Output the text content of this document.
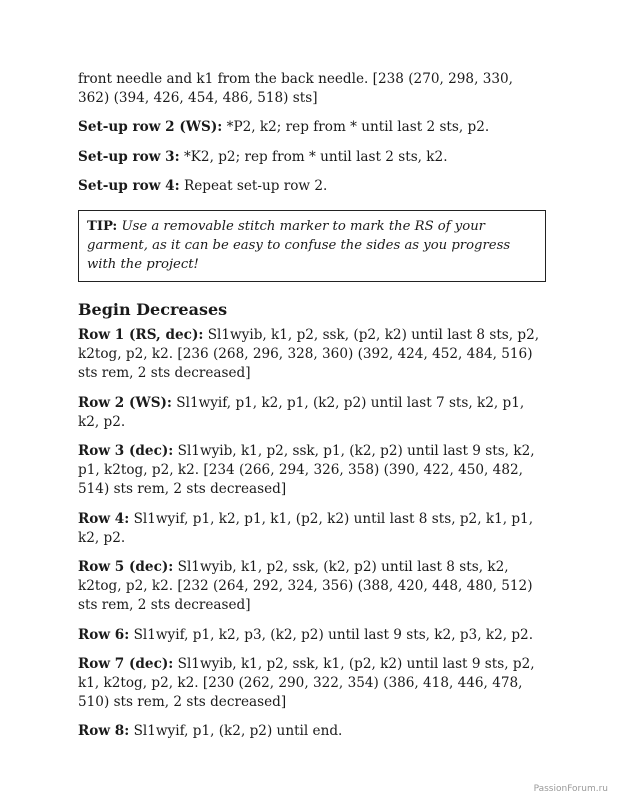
front needle and k1 from the back needle. [238 (270, 298, 330, 362) (394, 426, 454, 486, 518) sts]

Set-up row 2 (WS): *P2, k2; rep from * until last 2 sts, p2.

Set-up row 3: *K2, p2; rep from * until last 2 sts, k2.

Set-up row 4: Repeat set-up row 2.

TIP: Use a removable stitch marker to mark the RS of your garment, as it can be easy to confuse the sides as you progress with the project!
Begin Decreases

Row 1 (RS, dec): Sl1wyib, k1, p2, ssk, (p2, k2) until last 8 sts, p2, k2tog, p2, k2. [236 (268, 296, 328, 360) (392, 424, 452, 484, 516) sts rem, 2 sts decreased]

Row 2 (WS): Sl1wyif, p1, k2, p1, (k2, p2) until last 7 sts, k2, p1, k2, p2.

Row 3 (dec): Sl1wyib, k1, p2, ssk, p1, (k2, p2) until last 9 sts, k2, p1, k2tog, p2, k2. [234 (266, 294, 326, 358) (390, 422, 450, 482, 514) sts rem, 2 sts decreased]

Row 4: Sl1wyif, p1, k2, p1, k1, (p2, k2) until last 8 sts, p2, k1, p1, k2, p2.

Row 5 (dec): Sl1wyib, k1, p2, ssk, (k2, p2) until last 8 sts, k2, k2tog, p2, k2. [232 (264, 292, 324, 356) (388, 420, 448, 480, 512) sts rem, 2 sts decreased]

Row 6: Sl1wyif, p1, k2, p3, (k2, p2) until last 9 sts, k2, p3, k2, p2.

Row 7 (dec): Sl1wyib, k1, p2, ssk, k1, (p2, k2) until last 9 sts, p2, k1, k2tog, p2, k2. [230 (262, 290, 322, 354) (386, 418, 446, 478, 510) sts rem, 2 sts decreased]

Row 8: Sl1wyif, p1, (k2, p2) until end.

PassionForum.ru
